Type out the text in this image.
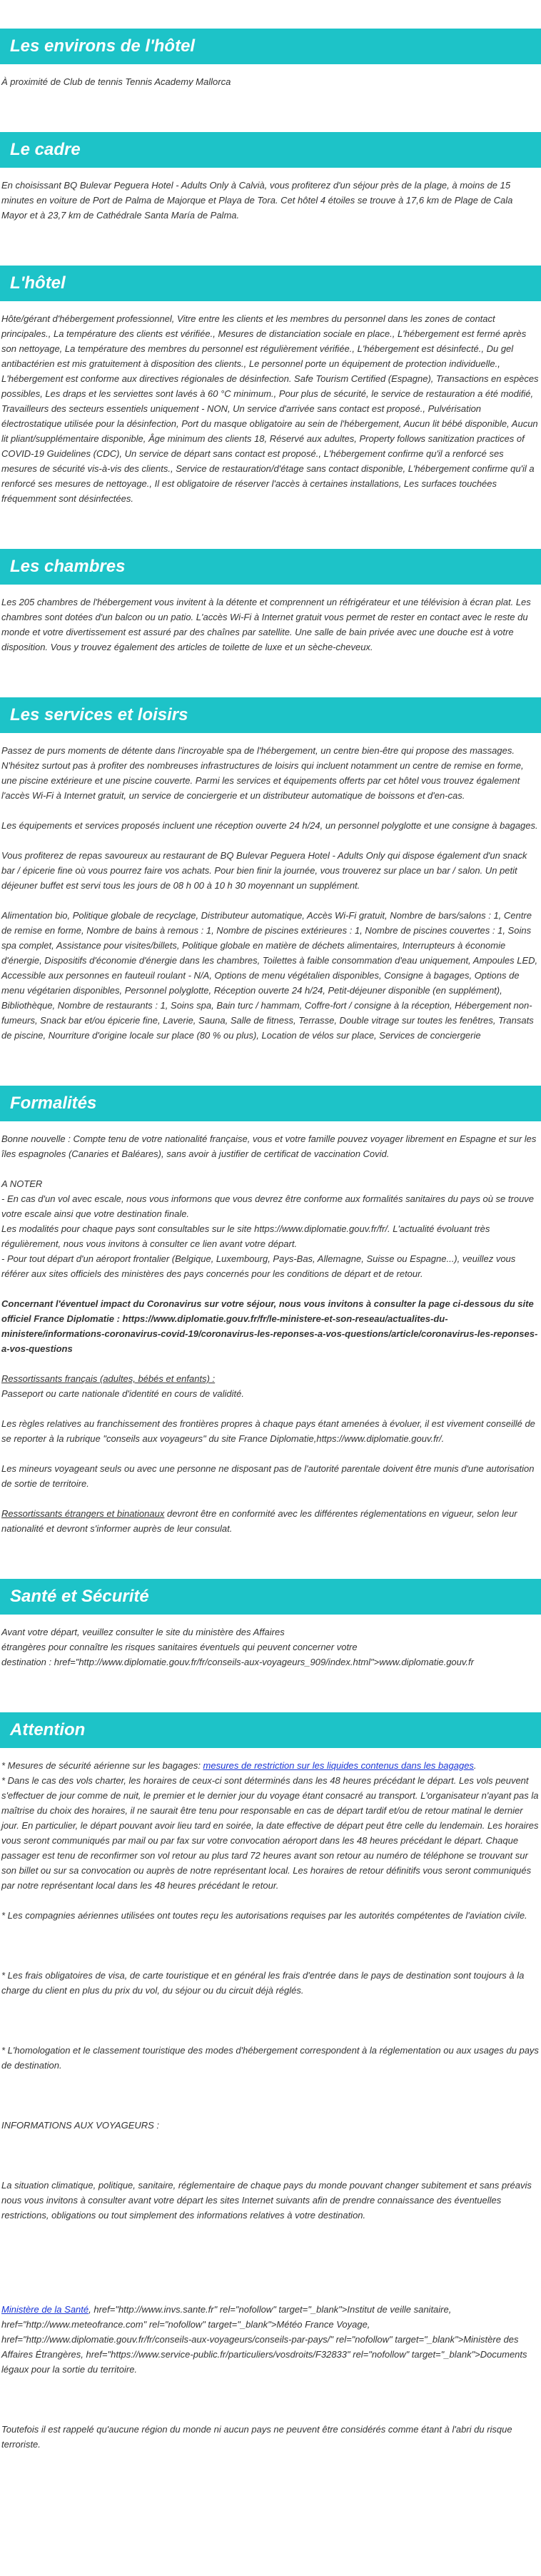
Les environs de l'hôtel

À proximité de Club de tennis Tennis Academy Mallorca

Le cadre

En choisissant BQ Bulevar Peguera Hotel - Adults Only à Calvià, vous profiterez d'un séjour près de la plage, à moins de 15 minutes en voiture de Port de Palma de Majorque et Playa de Tora. Cet hôtel 4 étoiles se trouve à 17,6 km de Plage de Cala Mayor et à 23,7 km de Cathédrale Santa María de Palma.

L'hôtel

Hôte/gérant d'hébergement professionnel, Vitre entre les clients et les membres du personnel dans les zones de contact principales., La température des clients est vérifiée., Mesures de distanciation sociale en place., L'hébergement est fermé après son nettoyage, La température des membres du personnel est régulièrement vérifiée., L'hébergement est désinfecté., Du gel antibactérien est mis gratuitement à disposition des clients., Le personnel porte un équipement de protection individuelle., L'hébergement est conforme aux directives régionales de désinfection. Safe Tourism Certified (Espagne), Transactions en espèces possibles, Les draps et les serviettes sont lavés à 60 °C minimum., Pour plus de sécurité, le service de restauration a été modifié, Travailleurs des secteurs essentiels uniquement - NON, Un service d'arrivée sans contact est proposé., Pulvérisation électrostatique utilisée pour la désinfection, Port du masque obligatoire au sein de l'hébergement, Aucun lit bébé disponible, Aucun lit pliant/supplémentaire disponible, Âge minimum des clients 18, Réservé aux adultes, Property follows sanitization practices of COVID-19 Guidelines (CDC), Un service de départ sans contact est proposé., L'hébergement confirme qu'il a renforcé ses mesures de sécurité vis-à-vis des clients., Service de restauration/d'étage sans contact disponible, L'hébergement confirme qu'il a renforcé ses mesures de nettoyage., Il est obligatoire de réserver l'accès à certaines installations, Les surfaces touchées fréquemment sont désinfectées.

Les chambres

Les 205 chambres de l'hébergement vous invitent à la détente et comprennent un réfrigérateur et une télévision à écran plat. Les chambres sont dotées d'un balcon ou un patio. L'accès Wi-Fi à Internet gratuit vous permet de rester en contact avec le reste du monde et votre divertissement est assuré par des chaînes par satellite. Une salle de bain privée avec une douche est à votre disposition. Vous y trouvez également des articles de toilette de luxe et un sèche-cheveux.

Les services et loisirs

Passez de purs moments de détente dans l'incroyable spa de l'hébergement, un centre bien-être qui propose des massages. N'hésitez surtout pas à profiter des nombreuses infrastructures de loisirs qui incluent notamment un centre de remise en forme, une piscine extérieure et une piscine couverte. Parmi les services et équipements offerts par cet hôtel vous trouvez également l'accès Wi-Fi à Internet gratuit, un service de conciergerie et un distributeur automatique de boissons et d'en-cas.

Les équipements et services proposés incluent une réception ouverte 24 h/24, un personnel polyglotte et une consigne à bagages.

Vous profiterez de repas savoureux au restaurant de BQ Bulevar Peguera Hotel - Adults Only qui dispose également d'un snack bar / épicerie fine où vous pourrez faire vos achats. Pour bien finir la journée, vous trouverez sur place un bar / salon. Un petit déjeuner buffet est servi tous les jours de 08 h 00 à 10 h 30 moyennant un supplément.

Alimentation bio, Politique globale de recyclage, Distributeur automatique, Accès Wi-Fi gratuit, Nombre de bars/salons : 1, Centre de remise en forme, Nombre de bains à remous : 1, Nombre de piscines extérieures : 1, Nombre de piscines couvertes : 1, Soins spa complet, Assistance pour visites/billets, Politique globale en matière de déchets alimentaires, Interrupteurs à économie d'énergie, Dispositifs d'économie d'énergie dans les chambres, Toilettes à faible consommation d'eau uniquement, Ampoules LED, Accessible aux personnes en fauteuil roulant - N/A, Options de menu végétalien disponibles, Consigne à bagages, Options de menu végétarien disponibles, Personnel polyglotte, Réception ouverte 24 h/24, Petit-déjeuner disponible (en supplément), Bibliothèque, Nombre de restaurants : 1, Soins spa, Bain turc / hammam, Coffre-fort / consigne à la réception, Hébergement non-fumeurs, Snack bar et/ou épicerie fine, Laverie, Sauna, Salle de fitness, Terrasse, Double vitrage sur toutes les fenêtres, Transats de piscine, Nourriture d'origine locale sur place (80 % ou plus), Location de vélos sur place, Services de conciergerie

Formalités

Bonne nouvelle : Compte tenu de votre nationalité française, vous et votre famille pouvez voyager librement en Espagne et sur les îles espagnoles (Canaries et Baléares), sans avoir à justifier de certificat de vaccination Covid.

A NOTER

- En cas d'un vol avec escale, nous vous informons que vous devrez être conforme aux formalités sanitaires du pays où se trouve votre escale ainsi que votre destination finale.

Les modalités pour chaque pays sont consultables sur le site https://www.diplomatie.gouv.fr/fr/. L'actualité évoluant très régulièrement, nous vous invitons à consulter ce lien avant votre départ.

- Pour tout départ d'un aéroport frontalier (Belgique, Luxembourg, Pays-Bas, Allemagne, Suisse ou Espagne...), veuillez vous référer aux sites officiels des ministères des pays concernés pour les conditions de départ et de retour.

Concernant l'éventuel impact du Coronavirus sur votre séjour, nous vous invitons à consulter la page ci-dessous du site officiel France Diplomatie : https://www.diplomatie.gouv.fr/fr/le-ministere-et-son-reseau/actualites-du-ministere/informations-coronavirus-covid-19/coronavirus-les-reponses-a-vos-questions/article/coronavirus-les-reponses-a-vos-questions

Ressortissants français (adultes, bébés et enfants) :

Passeport ou carte nationale d'identité en cours de validité.

Les règles relatives au franchissement des frontières propres à chaque pays étant amenées à évoluer, il est vivement conseillé de se reporter à la rubrique "conseils aux voyageurs" du site France Diplomatie,https://www.diplomatie.gouv.fr/.

Les mineurs voyageant seuls ou avec une personne ne disposant pas de l'autorité parentale doivent être munis d'une autorisation de sortie de territoire.

Ressortissants étrangers et binationaux devront être en conformité avec les différentes réglementations en vigueur, selon leur nationalité et devront s'informer auprès de leur consulat.

Santé et Sécurité

Avant votre départ, veuillez consulter le site du ministère des Affaires

étrangères pour connaître les risques sanitaires éventuels qui peuvent concerner votre

destination : href="http://www.diplomatie.gouv.fr/fr/conseils-aux-voyageurs_909/index.html">www.diplomatie.gouv.fr

Attention

* Mesures de sécurité aérienne sur les bagages: mesures de restriction sur les liquides contenus dans les bagages.

* Dans le cas des vols charter, les horaires de ceux-ci sont déterminés dans les 48 heures précédant le départ. Les vols peuvent s'effectuer de jour comme de nuit, le premier et le dernier jour du voyage étant consacré au transport. L'organisateur n'ayant pas la maîtrise du choix des horaires, il ne saurait être tenu pour responsable en cas de départ tardif et/ou de retour matinal le dernier jour. En particulier, le départ pouvant avoir lieu tard en soirée, la date effective de départ peut être celle du lendemain. Les horaires vous seront communiqués par mail ou par fax sur votre convocation aéroport dans les 48 heures précédant le départ. Chaque passager est tenu de reconfirmer son vol retour au plus tard 72 heures avant son retour au numéro de téléphone se trouvant sur son billet ou sur sa convocation ou auprès de notre représentant local. Les horaires de retour définitifs vous seront communiqués par notre représentant local dans les 48 heures précédant le retour.

* Les compagnies aériennes utilisées ont toutes reçu les autorisations requises par les autorités compétentes de l'aviation civile.

* Les frais obligatoires de visa, de carte touristique et en général les frais d'entrée dans le pays de destination sont toujours à la charge du client en plus du prix du vol, du séjour ou du circuit déjà réglés.

* L'homologation et le classement touristique des modes d'hébergement correspondent à la réglementation ou aux usages du pays de destination.

INFORMATIONS AUX VOYAGEURS :

La situation climatique, politique, sanitaire, réglementaire de chaque pays du monde pouvant changer subitement et sans préavis

nous vous invitons à consulter avant votre départ les sites Internet suivants afin de prendre connaissance des éventuelles restrictions, obligations ou tout simplement des informations relatives à votre destination.

Ministère de la Santé, href="http://www.invs.sante.fr" rel="nofollow" target="_blank">Institut de veille sanitaire, href="http://www.meteofrance.com" rel="nofollow" target="_blank">Météo France Voyage, href="http://www.diplomatie.gouv.fr/fr/conseils-aux-voyageurs/conseils-par-pays/" rel="nofollow" target="_blank">Ministère des Affaires Étrangères, href="https://www.service-public.fr/particuliers/vosdroits/F32833" rel="nofollow" target="_blank">Documents légaux pour la sortie du territoire.

Toutefois il est rappelé qu'aucune région du monde ni aucun pays ne peuvent être considérés comme étant à l'abri du risque terroriste.
